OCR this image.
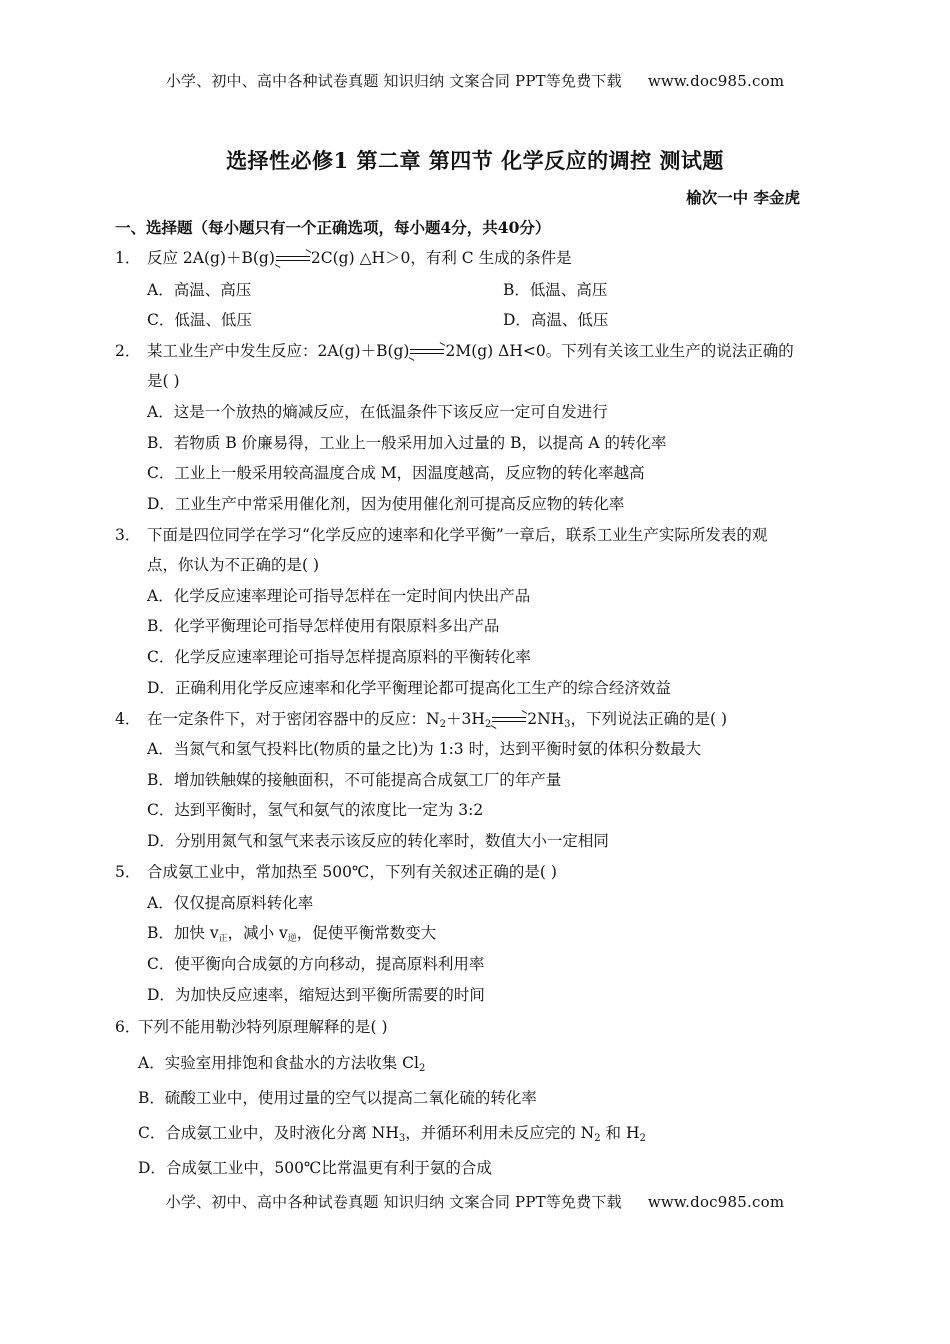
小学、初中、高中各种试卷真题 知识归纳 文案合同 PPT等免费下载 www.doc985.com
选择性必修1 第二章 第四节 化学反应的调控 测试题
榆次一中 李金虎
一、选择题（每小题只有一个正确选项，每小题4分，共40分）
1． 反应 2A(g)＋B(g) 2C(g) △H＞0，有利 C 生成的条件是
A．高温、高压	B．低温、高压
C．低温、低压	D．高温、低压
2． 某工业生产中发生反应：2A(g)＋B(g) 2M(g) ΔH<0。下列有关该工业生产的说法正确的
是( )
A．这是一个放热的熵减反应，在低温条件下该反应一定可自发进行
B．若物质 B 价廉易得，工业上一般采用加入过量的 B，以提高 A 的转化率
C．工业上一般采用较高温度合成 M，因温度越高，反应物的转化率越高
D．工业生产中常采用催化剂，因为使用催化剂可提高反应物的转化率
3． 下面是四位同学在学习“化学反应的速率和化学平衡”一章后，联系工业生产实际所发表的观
点，你认为不正确的是( )
A．化学反应速率理论可指导怎样在一定时间内快出产品
B．化学平衡理论可指导怎样使用有限原料多出产品
C．化学反应速率理论可指导怎样提高原料的平衡转化率
D．正确利用化学反应速率和化学平衡理论都可提高化工生产的综合经济效益
4． 在一定条件下，对于密闭容器中的反应：$N_2+3H_2$ $2NH_3$，下列说法正确的是( )
A．当氮气和氢气投料比(物质的量之比)为 1:3 时，达到平衡时氨的体积分数最大
B．增加铁触媒的接触面积，不可能提高合成氨工厂的年产量
C．达到平衡时，氢气和氨气的浓度比一定为 3:2
D．分别用氮气和氢气来表示该反应的转化率时，数值大小一定相同
5． 合成氨工业中，常加热至 500℃，下列有关叙述正确的是( )
A．仅仅提高原料转化率
B．加快 v正，减小 v逆，促使平衡常数变大
C．使平衡向合成氨的方向移动，提高原料利用率
D．为加快反应速率，缩短达到平衡所需要的时间
6．
下列不能用勒沙特列原理解释的是( )
A．实验室用排饱和食盐水的方法收集 $Cl_2$
B．硫酸工业中，使用过量的空气以提高二氧化硫的转化率
C．合成氨工业中，及时液化分离 $NH_3$，并循环利用未反应完的 $N_2$ 和 $H_2$
D．合成氨工业中，500℃比常温更有利于氨的合成
小学、初中、高中各种试卷真题 知识归纳 文案合同 PPT等免费下载 www.doc985.com
